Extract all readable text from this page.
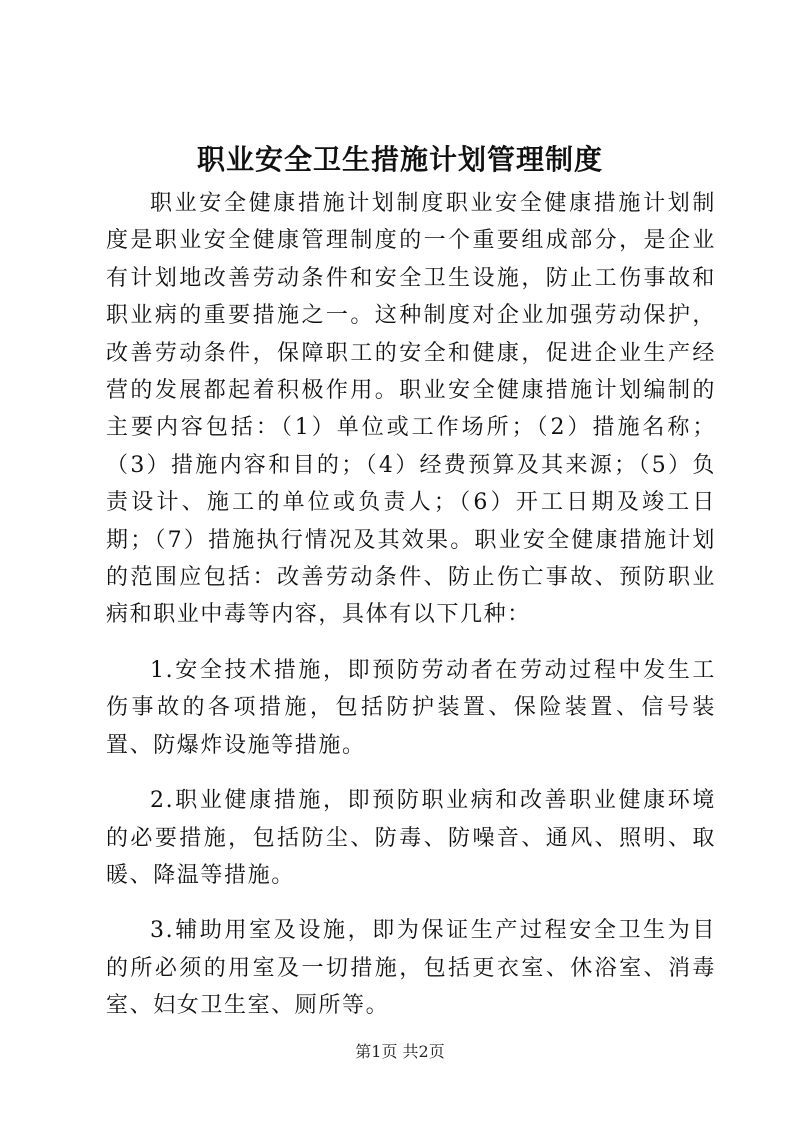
职业安全卫生措施计划管理制度

职业安全健康措施计划制度职业安全健康措施计划制度是职业安全健康管理制度的一个重要组成部分，是企业有计划地改善劳动条件和安全卫生设施，防止工伤事故和职业病的重要措施之一。这种制度对企业加强劳动保护，改善劳动条件，保障职工的安全和健康，促进企业生产经营的发展都起着积极作用。职业安全健康措施计划编制的主要内容包括：（1）单位或工作场所；（2）措施名称；（3）措施内容和目的；（4）经费预算及其来源；（5）负责设计、施工的单位或负责人；（6）开工日期及竣工日期；（7）措施执行情况及其效果。职业安全健康措施计划的范围应包括：改善劳动条件、防止伤亡事故、预防职业病和职业中毒等内容，具体有以下几种：

1.安全技术措施，即预防劳动者在劳动过程中发生工伤事故的各项措施，包括防护装置、保险装置、信号装置、防爆炸设施等措施。

2.职业健康措施，即预防职业病和改善职业健康环境的必要措施，包括防尘、防毒、防噪音、通风、照明、取暖、降温等措施。

3.辅助用室及设施，即为保证生产过程安全卫生为目的所必须的用室及一切措施，包括更衣室、休浴室、消毒室、妇女卫生室、厕所等。

第1页 共2页
